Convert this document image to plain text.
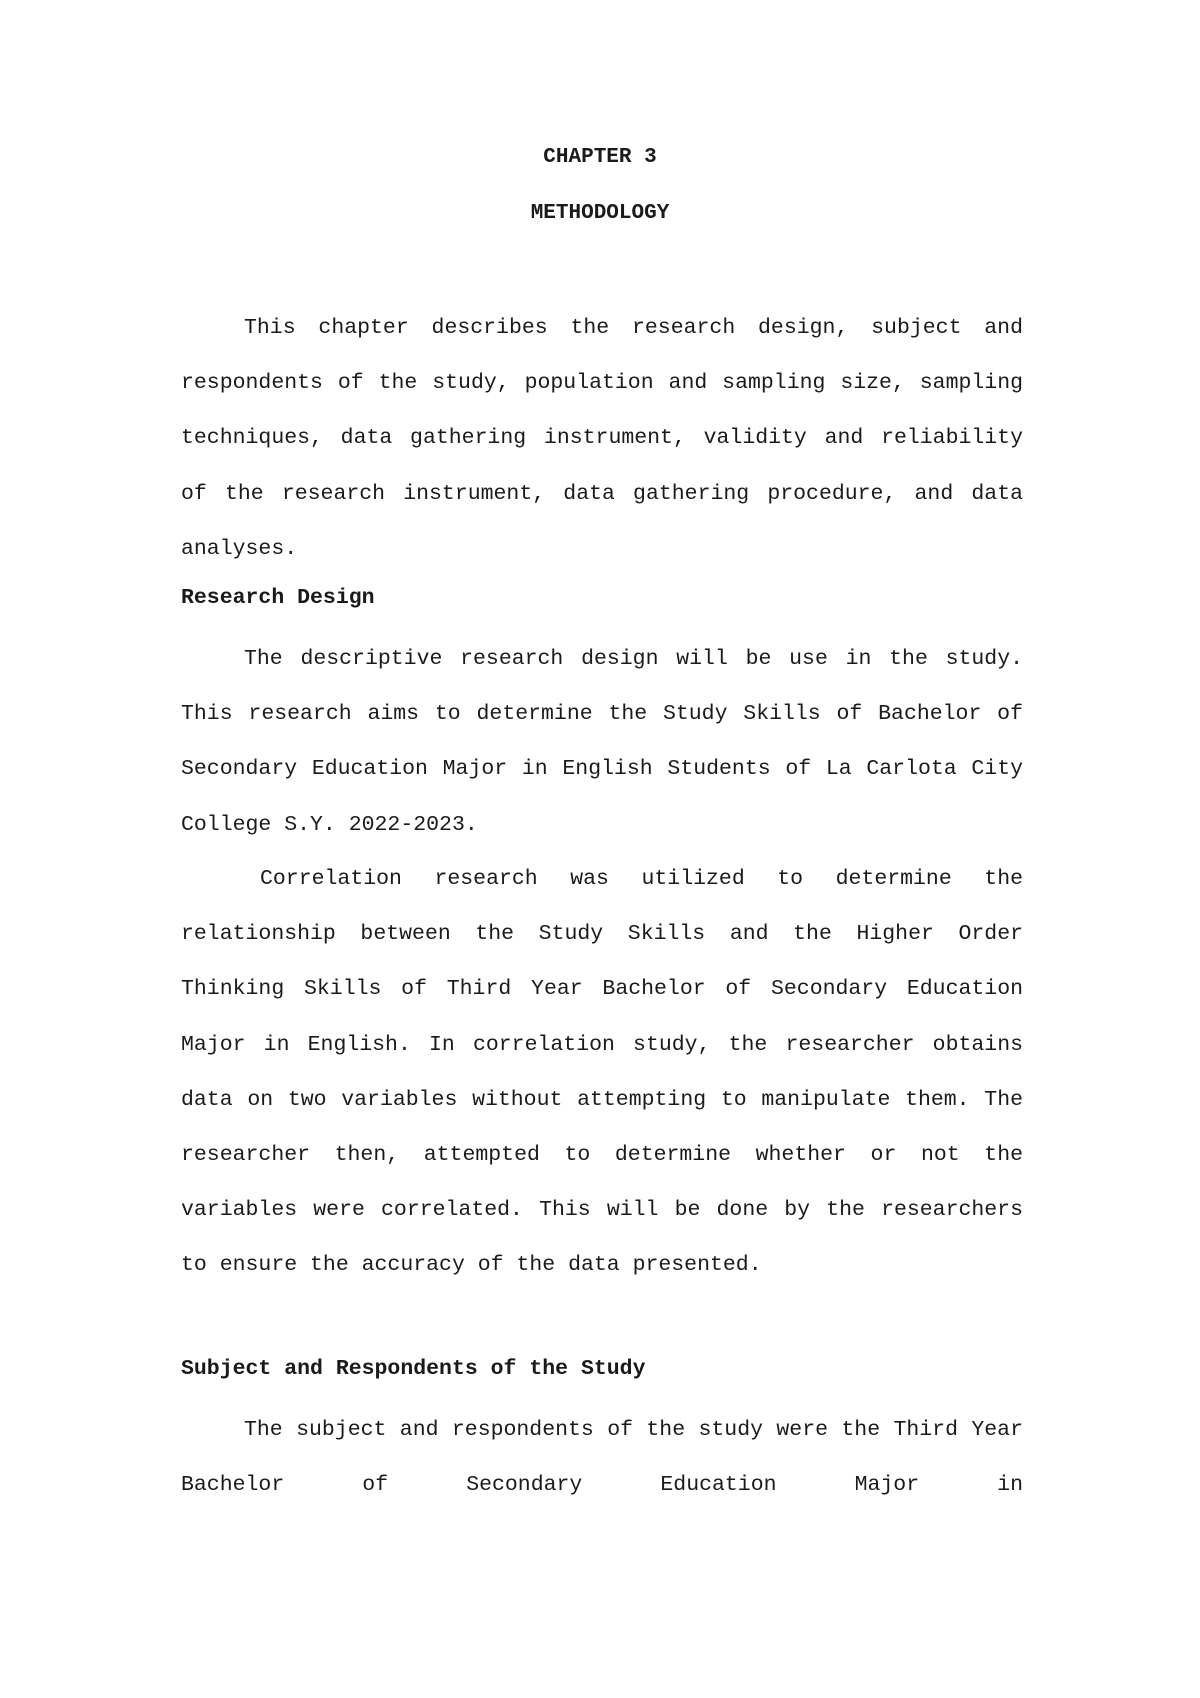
CHAPTER 3
METHODOLOGY

This chapter describes the research design, subject and respondents of the study, population and sampling size, sampling techniques, data gathering instrument, validity and reliability of the research instrument, data gathering procedure, and data analyses.

Research Design

The descriptive research design will be use in the study. This research aims to determine the Study Skills of Bachelor of Secondary Education Major in English Students of La Carlota City College S.Y. 2022-2023.

Correlation research was utilized to determine the relationship between the Study Skills and the Higher Order Thinking Skills of Third Year Bachelor of Secondary Education Major in English. In correlation study, the researcher obtains data on two variables without attempting to manipulate them. The researcher then, attempted to determine whether or not the variables were correlated. This will be done by the researchers to ensure the accuracy of the data presented.

Subject and Respondents of the Study

The subject and respondents of the study were the Third Year Bachelor of Secondary Education Major in
